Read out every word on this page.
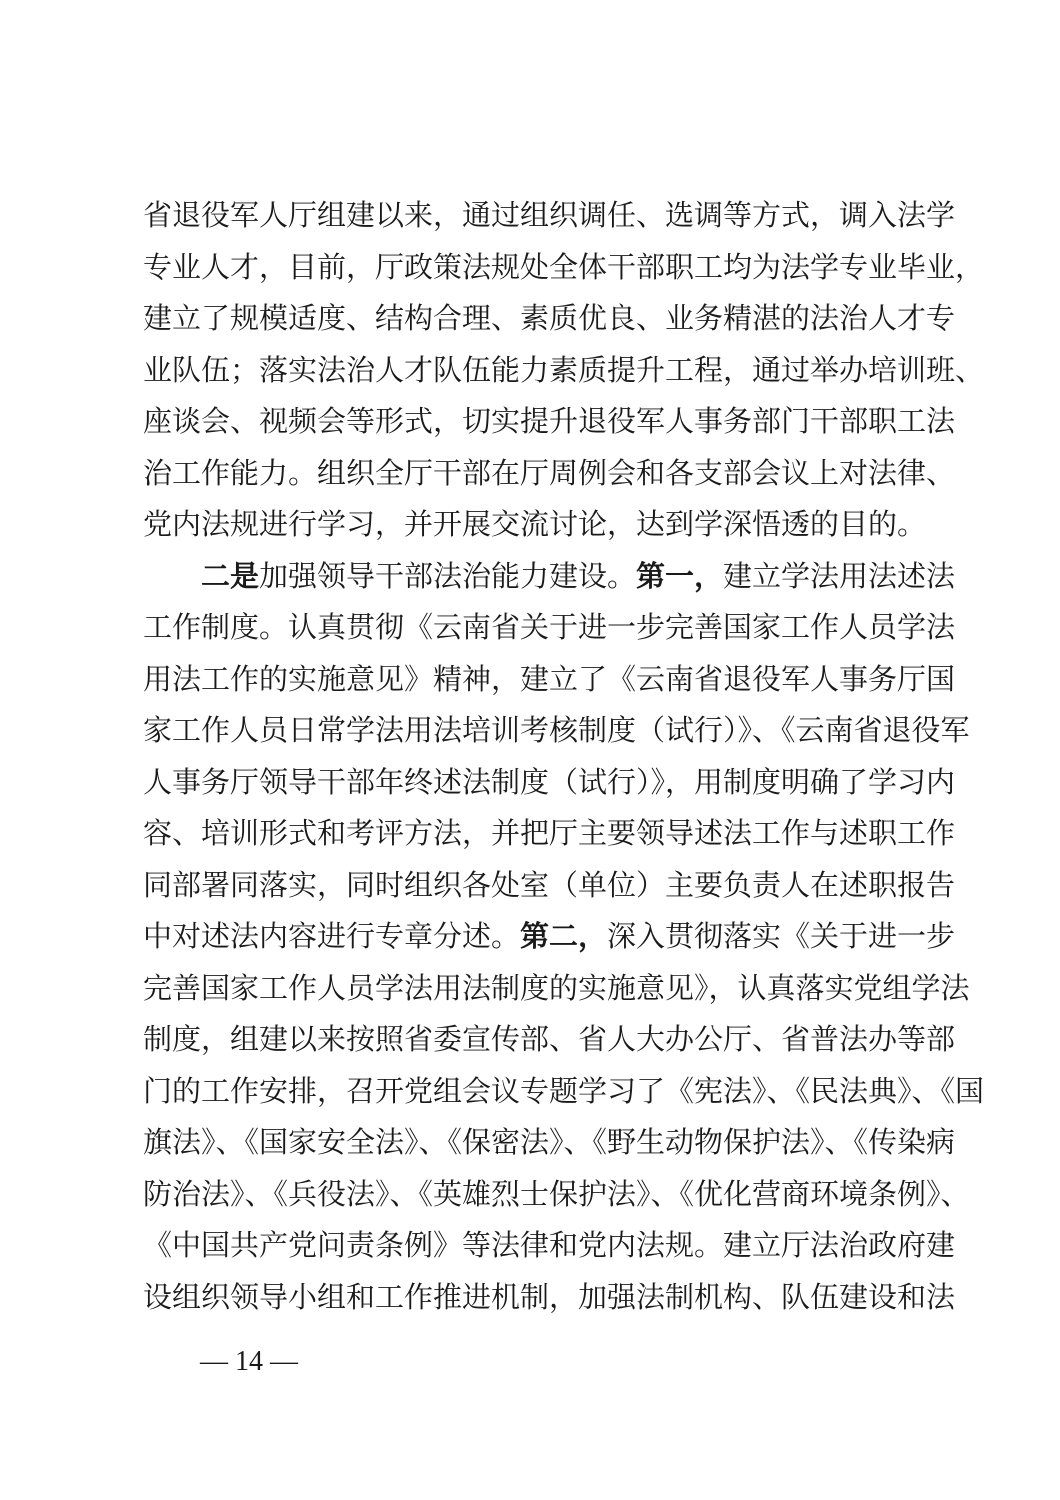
省退役军人厅组建以来，通过组织调任、选调等方式，调入法学
专业人才，目前，厅政策法规处全体干部职工均为法学专业毕业，
建立了规模适度、结构合理、素质优良、业务精湛的法治人才专
业队伍；落实法治人才队伍能力素质提升工程，通过举办培训班、
座谈会、视频会等形式，切实提升退役军人事务部门干部职工法
治工作能力。组织全厅干部在厅周例会和各支部会议上对法律、
党内法规进行学习，并开展交流讨论，达到学深悟透的目的。
二是加强领导干部法治能力建设。第一，建立学法用法述法
工作制度。认真贯彻《云南省关于进一步完善国家工作人员学法
用法工作的实施意见》精神，建立了《云南省退役军人事务厅国
家工作人员日常学法用法培训考核制度（试行）》、《云南省退役军
人事务厅领导干部年终述法制度（试行）》，用制度明确了学习内
容、培训形式和考评方法，并把厅主要领导述法工作与述职工作
同部署同落实，同时组织各处室（单位）主要负责人在述职报告
中对述法内容进行专章分述。第二，深入贯彻落实《关于进一步
完善国家工作人员学法用法制度的实施意见》，认真落实党组学法
制度，组建以来按照省委宣传部、省人大办公厅、省普法办等部
门的工作安排，召开党组会议专题学习了《宪法》、《民法典》、《国
旗法》、《国家安全法》、《保密法》、《野生动物保护法》、《传染病
防治法》、《兵役法》、《英雄烈士保护法》、《优化营商环境条例》、
《中国共产党问责条例》等法律和党内法规。建立厅法治政府建
设组织领导小组和工作推进机制，加强法制机构、队伍建设和法
— 14 —
